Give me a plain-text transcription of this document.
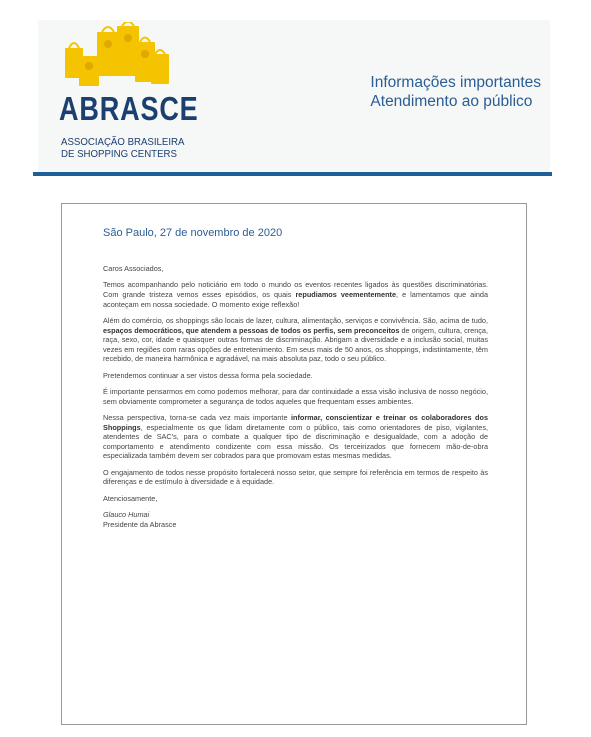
ABRASCE
ASSOCIAÇÃO BRASILEIRA
DE SHOPPING CENTERS
Informações importantes
Atendimento ao público
São Paulo, 27 de novembro de 2020

Caros Associados,

Temos acompanhando pelo noticiário em todo o mundo os eventos recentes ligados às questões discriminatórias. Com grande tristeza vemos esses episódios, os quais repudiamos veementemente, e lamentamos que ainda aconteçam em nossa sociedade. O momento exige reflexão!

Além do comércio, os shoppings são locais de lazer, cultura, alimentação, serviços e convivência. São, acima de tudo, espaços democráticos, que atendem a pessoas de todos os perfis, sem preconceitos de origem, cultura, crença, raça, sexo, cor, idade e quaisquer outras formas de discriminação. Abrigam a diversidade e a inclusão social, muitas vezes em regiões com raras opções de entretenimento. Em seus mais de 50 anos, os shoppings, indistintamente, têm recebido, de maneira harmônica e agradável, na mais absoluta paz, todo o seu público.

Pretendemos continuar a ser vistos dessa forma pela sociedade.

É importante pensarmos em como podemos melhorar, para dar continuidade a essa visão inclusiva de nosso negócio, sem obviamente comprometer a segurança de todos aqueles que frequentam esses ambientes.

Nessa perspectiva, torna-se cada vez mais importante informar, conscientizar e treinar os colaboradores dos Shoppings, especialmente os que lidam diretamente com o público, tais como orientadores de piso, vigilantes, atendentes de SAC's, para o combate a qualquer tipo de discriminação e desigualdade, com a adoção de comportamento e atendimento condizente com essa missão. Os terceirizados que fornecem mão-de-obra especializada também devem ser cobrados para que promovam estas mesmas medidas.

O engajamento de todos nesse propósito fortalecerá nosso setor, que sempre foi referência em termos de respeito às diferenças e de estímulo à diversidade e à equidade.

Atenciosamente,

Glauco Humai
Presidente da Abrasce
